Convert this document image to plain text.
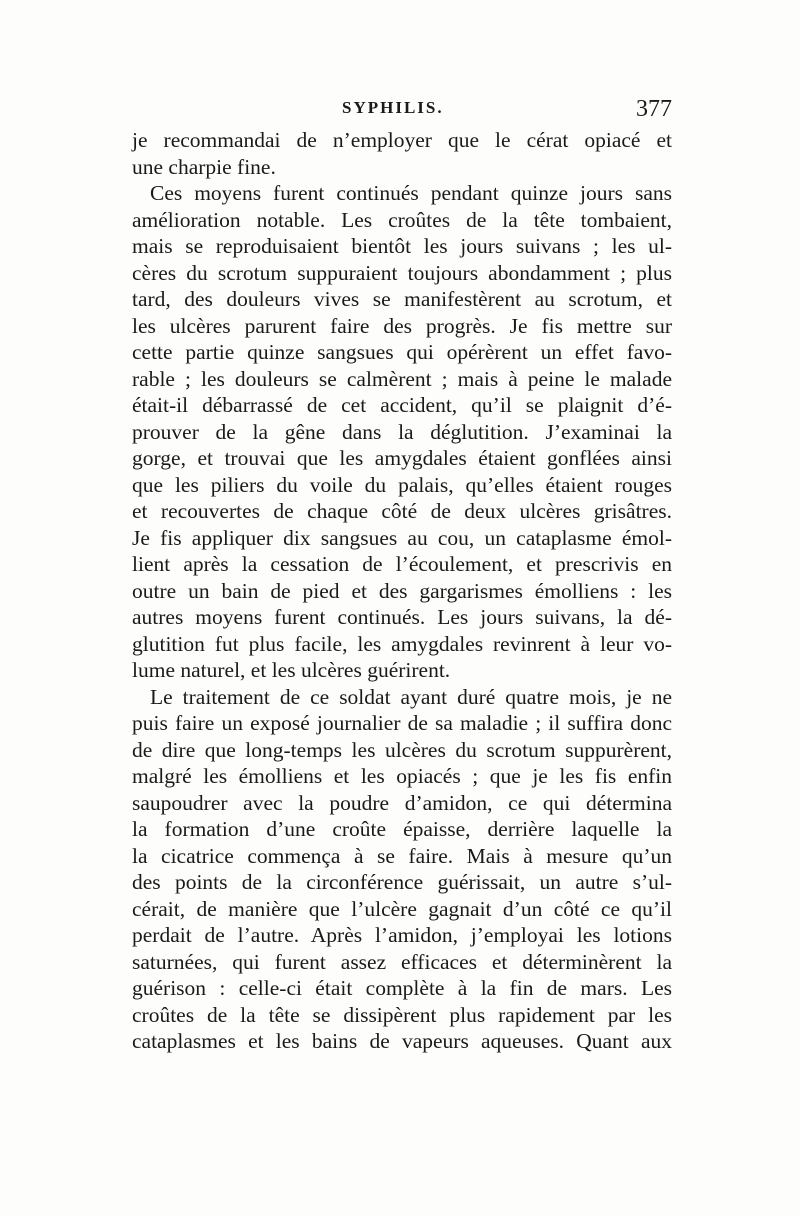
SYPHILIS.	377
je recommandai de n’employer que le cérat opiacé et
une charpie fine.
Ces moyens furent continués pendant quinze jours sans
amélioration notable. Les croûtes de la tête tombaient,
mais se reproduisaient bientôt les jours suivans ; les ul-
cères du scrotum suppuraient toujours abondamment ; plus
tard, des douleurs vives se manifestèrent au scrotum, et
les ulcères parurent faire des progrès. Je fis mettre sur
cette partie quinze sangsues qui opérèrent un effet favo-
rable ; les douleurs se calmèrent ; mais à peine le malade
était-il débarrassé de cet accident, qu’il se plaignit d’é-
prouver de la gêne dans la déglutition. J’examinai la
gorge, et trouvai que les amygdales étaient gonflées ainsi
que les piliers du voile du palais, qu’elles étaient rouges
et recouvertes de chaque côté de deux ulcères grisâtres.
Je fis appliquer dix sangsues au cou, un cataplasme émol-
lient après la cessation de l’écoulement, et prescrivis en
outre un bain de pied et des gargarismes émolliens : les
autres moyens furent continués. Les jours suivans, la dé-
glutition fut plus facile, les amygdales revinrent à leur vo-
lume naturel, et les ulcères guérirent.
Le traitement de ce soldat ayant duré quatre mois, je ne
puis faire un exposé journalier de sa maladie ; il suffira donc
de dire que long-temps les ulcères du scrotum suppurèrent,
malgré les émolliens et les opiacés ; que je les fis enfin
saupoudrer avec la poudre d’amidon, ce qui détermina
la formation d’une croûte épaisse, derrière laquelle la
la cicatrice commença à se faire. Mais à mesure qu’un
des points de la circonférence guérissait, un autre s’ul-
cérait, de manière que l’ulcère gagnait d’un côté ce qu’il
perdait de l’autre. Après l’amidon, j’employai les lotions
saturnées, qui furent assez efficaces et déterminèrent la
guérison : celle-ci était complète à la fin de mars. Les
croûtes de la tête se dissipèrent plus rapidement par les
cataplasmes et les bains de vapeurs aqueuses. Quant aux
